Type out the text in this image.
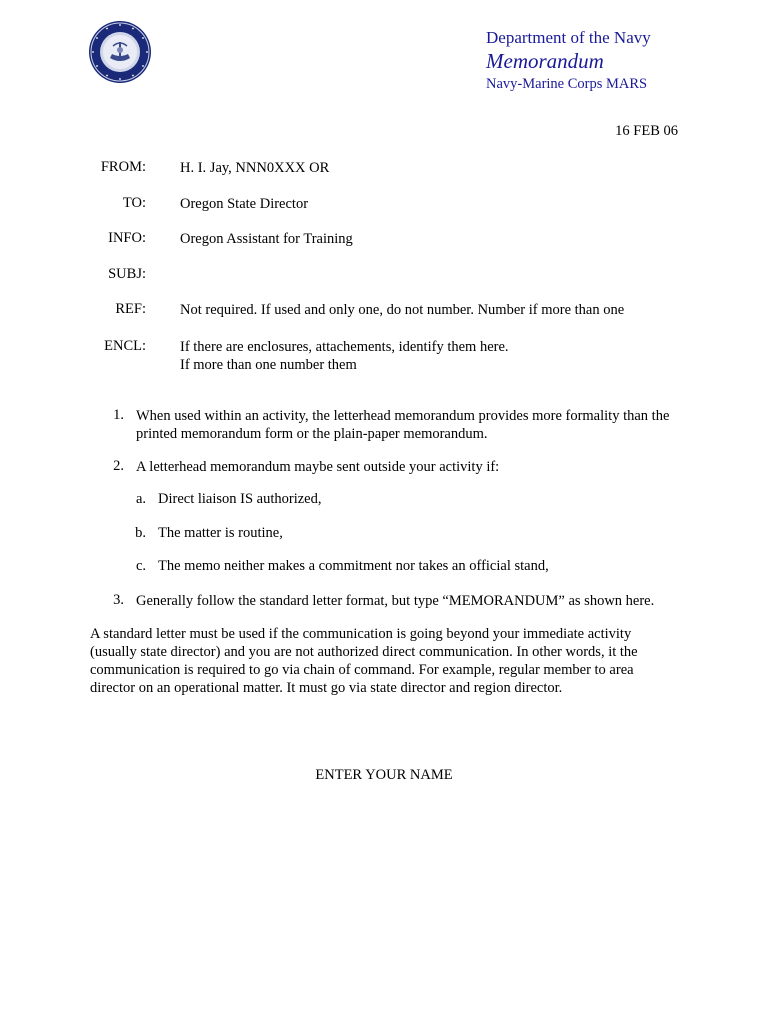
Department of the Navy
Memorandum
Navy-Marine Corps MARS
16 FEB 06
FROM: H. I. Jay, NNN0XXX OR
TO: Oregon State Director
INFO: Oregon Assistant for Training
SUBJ:
REF: Not required. If used and only one, do not number. Number if more than one
ENCL: If there are enclosures, attachements, identify them here.
If more than one number them
1. When used within an activity, the letterhead memorandum provides more formality than the printed memorandum form or the plain-paper memorandum.
2. A letterhead memorandum maybe sent outside your activity if:
a. Direct liaison IS authorized,
b. The matter is routine,
c. The memo neither makes a commitment nor takes an official stand,
3. Generally follow the standard letter format, but type “MEMORANDUM” as shown here.
A standard letter must be used if the communication is going beyond your immediate activity (usually state director) and you are not authorized direct communication. In other words, it the communication is required to go via chain of command. For example, regular member to area director on an operational matter. It must go via state director and region director.
ENTER YOUR NAME
